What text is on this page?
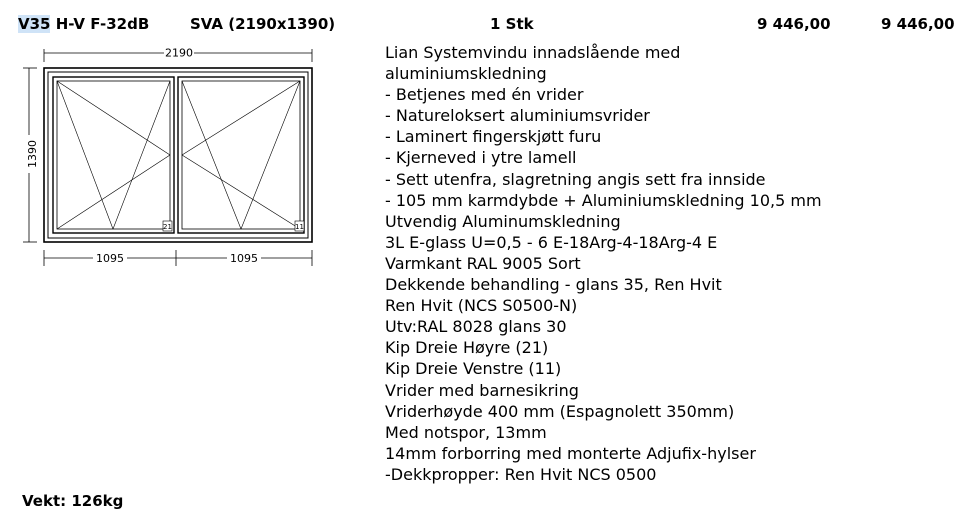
V35 H-V F-32dB	SVA (2190x1390)	1 Stk	9 446,00	9 446,00
2190
1390
21	11
1095	1095
Lian Systemvindu innadslående med
aluminiumskledning
- Betjenes med én vrider
- Natureloksert aluminiumsvrider
- Laminert fingerskjøtt furu
- Kjerneved i ytre lamell
- Sett utenfra, slagretning angis sett fra innside
- 105 mm karmdybde + Aluminiumskledning 10,5 mm
Utvendig Aluminumskledning
3L E-glass U=0,5 - 6 E-18Arg-4-18Arg-4 E
Varmkant RAL 9005 Sort
Dekkende behandling - glans 35, Ren Hvit
Ren Hvit (NCS S0500-N)
Utv:RAL 8028 glans 30
Kip Dreie Høyre (21)
Kip Dreie Venstre (11)
Vrider med barnesikring
Vriderhøyde 400 mm (Espagnolett 350mm)
Med notspor, 13mm
14mm forborring med monterte Adjufix-hylser
-Dekkpropper: Ren Hvit NCS 0500
Vekt: 126kg
